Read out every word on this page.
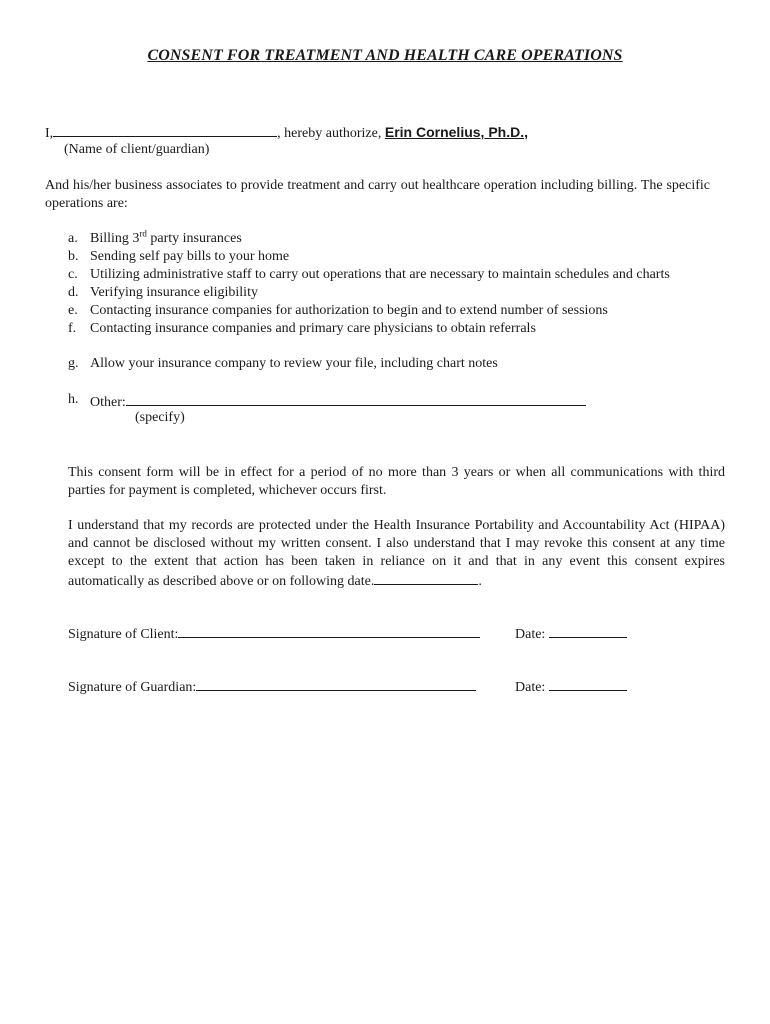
CONSENT FOR TREATMENT AND HEALTH CARE OPERATIONS
I,	, hereby authorize, Erin Cornelius, Ph.D.,
(Name of client/guardian)
And his/her business associates to provide treatment and carry out healthcare operation including billing. The specific operations are:
a. Billing 3rd party insurances
b. Sending self pay bills to your home
c. Utilizing administrative staff to carry out operations that are necessary to maintain schedules and charts
d. Verifying insurance eligibility
e. Contacting insurance companies for authorization to begin and to extend number of sessions
f. Contacting insurance companies and primary care physicians to obtain referrals
g. Allow your insurance company to review your file, including chart notes
h. Other:
(specify)
This consent form will be in effect for a period of no more than 3 years or when all communications with third parties for payment is completed, whichever occurs first.
I understand that my records are protected under the Health Insurance Portability and Accountability Act (HIPAA) and cannot be disclosed without my written consent. I also understand that I may revoke this consent at any time except to the extent that action has been taken in reliance on it and that in any event this consent expires automatically as described above or on following date.	.
Signature of Client:	Date:
Signature of Guardian:	Date:
